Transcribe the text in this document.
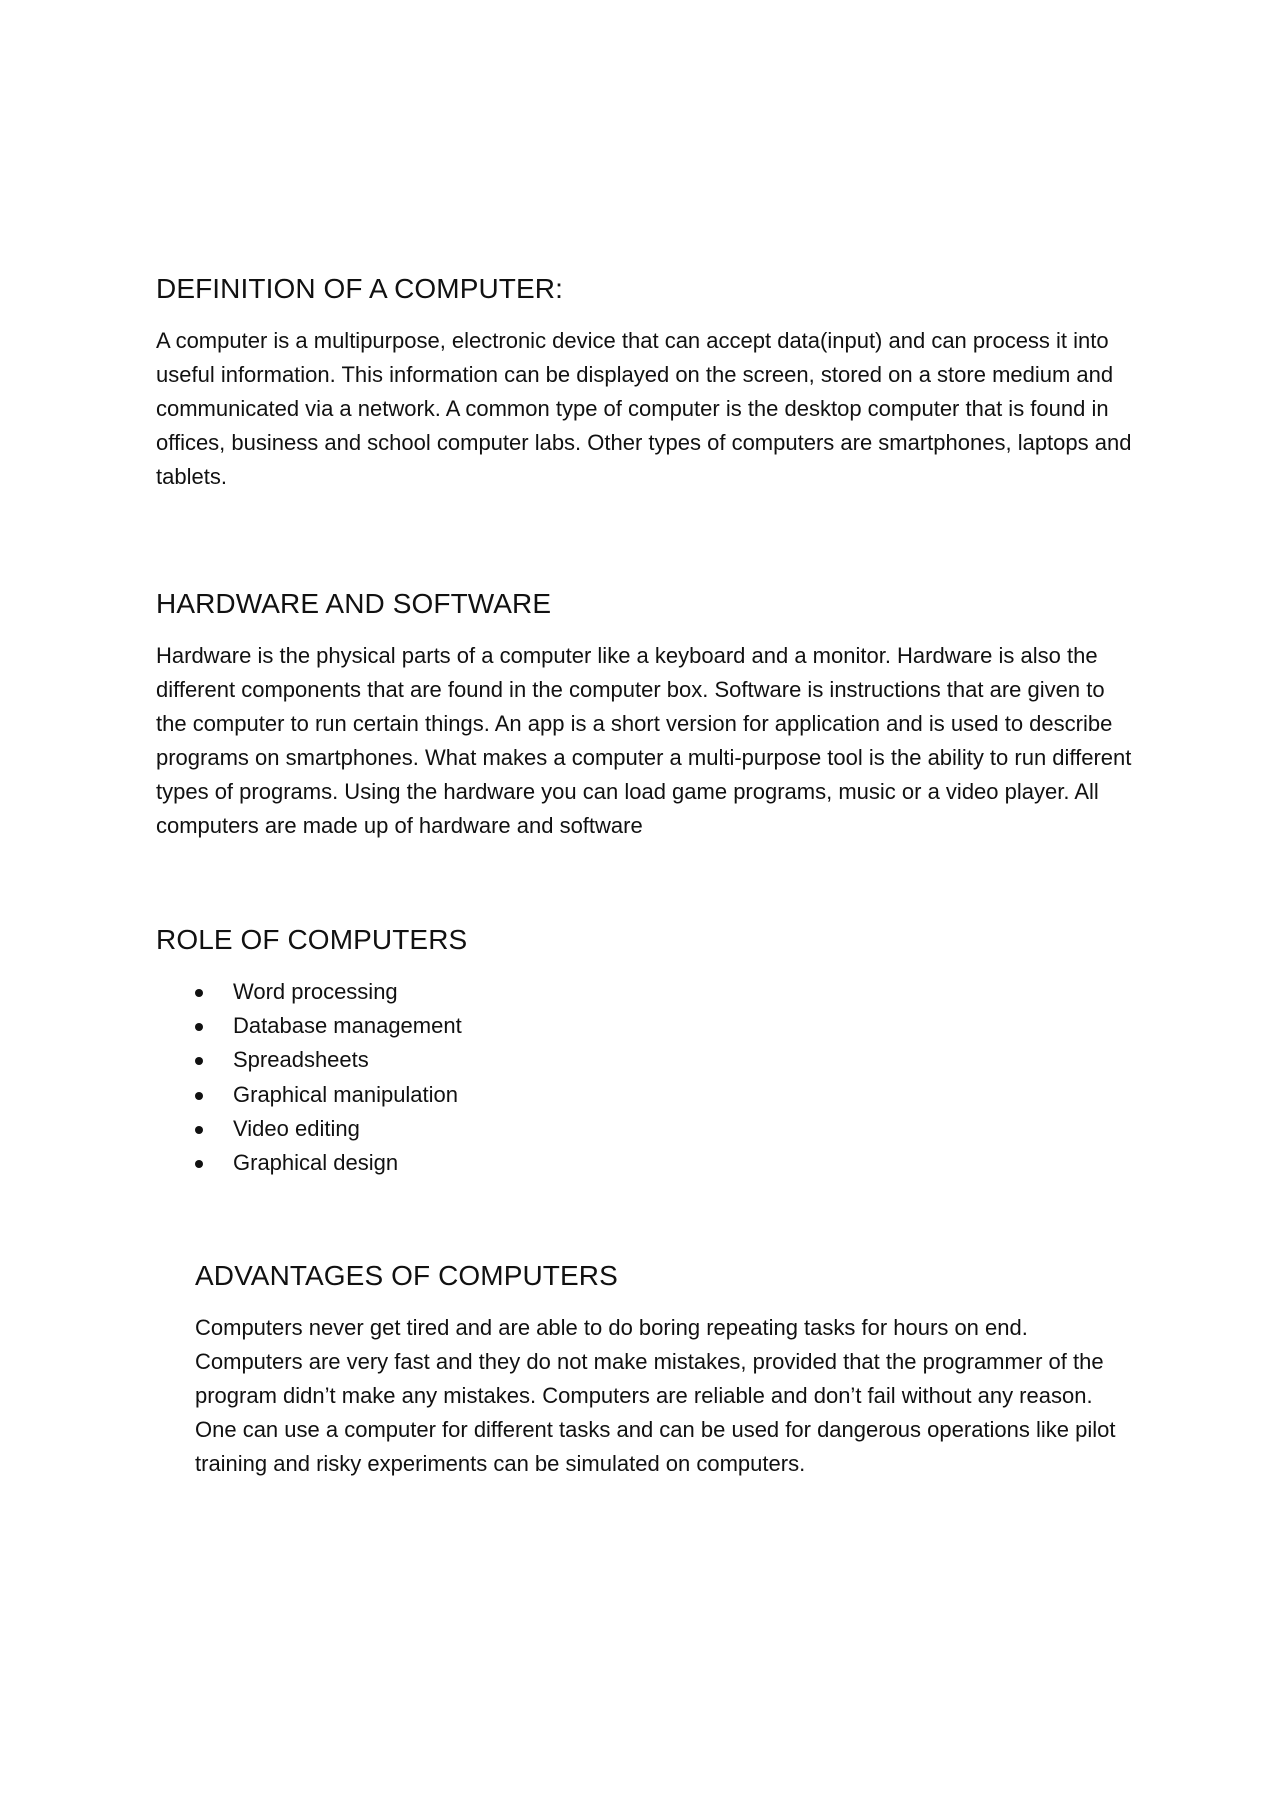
DEFINITION OF A COMPUTER:

A computer is a multipurpose, electronic device that can accept data(input) and can process it into useful information. This information can be displayed on the screen, stored on a store medium and communicated via a network. A common type of computer is the desktop computer that is found in offices, business and school computer labs. Other types of computers are smartphones, laptops and tablets.

HARDWARE AND SOFTWARE

Hardware is the physical parts of a computer like a keyboard and a monitor. Hardware is also the different components that are found in the computer box. Software is instructions that are given to the computer to run certain things. An app is a short version for application and is used to describe programs on smartphones. What makes a computer a multi-purpose tool is the ability to run different types of programs. Using the hardware you can load game programs, music or a video player. All computers are made up of hardware and software

ROLE OF COMPUTERS
Word processing
Database management
Spreadsheets
Graphical manipulation
Video editing
Graphical design
ADVANTAGES OF COMPUTERS

Computers never get tired and are able to do boring repeating tasks for hours on end. Computers are very fast and they do not make mistakes, provided that the programmer of the program didn’t make any mistakes. Computers are reliable and don’t fail without any reason. One can use a computer for different tasks and can be used for dangerous operations like pilot training and risky experiments can be simulated on computers.
